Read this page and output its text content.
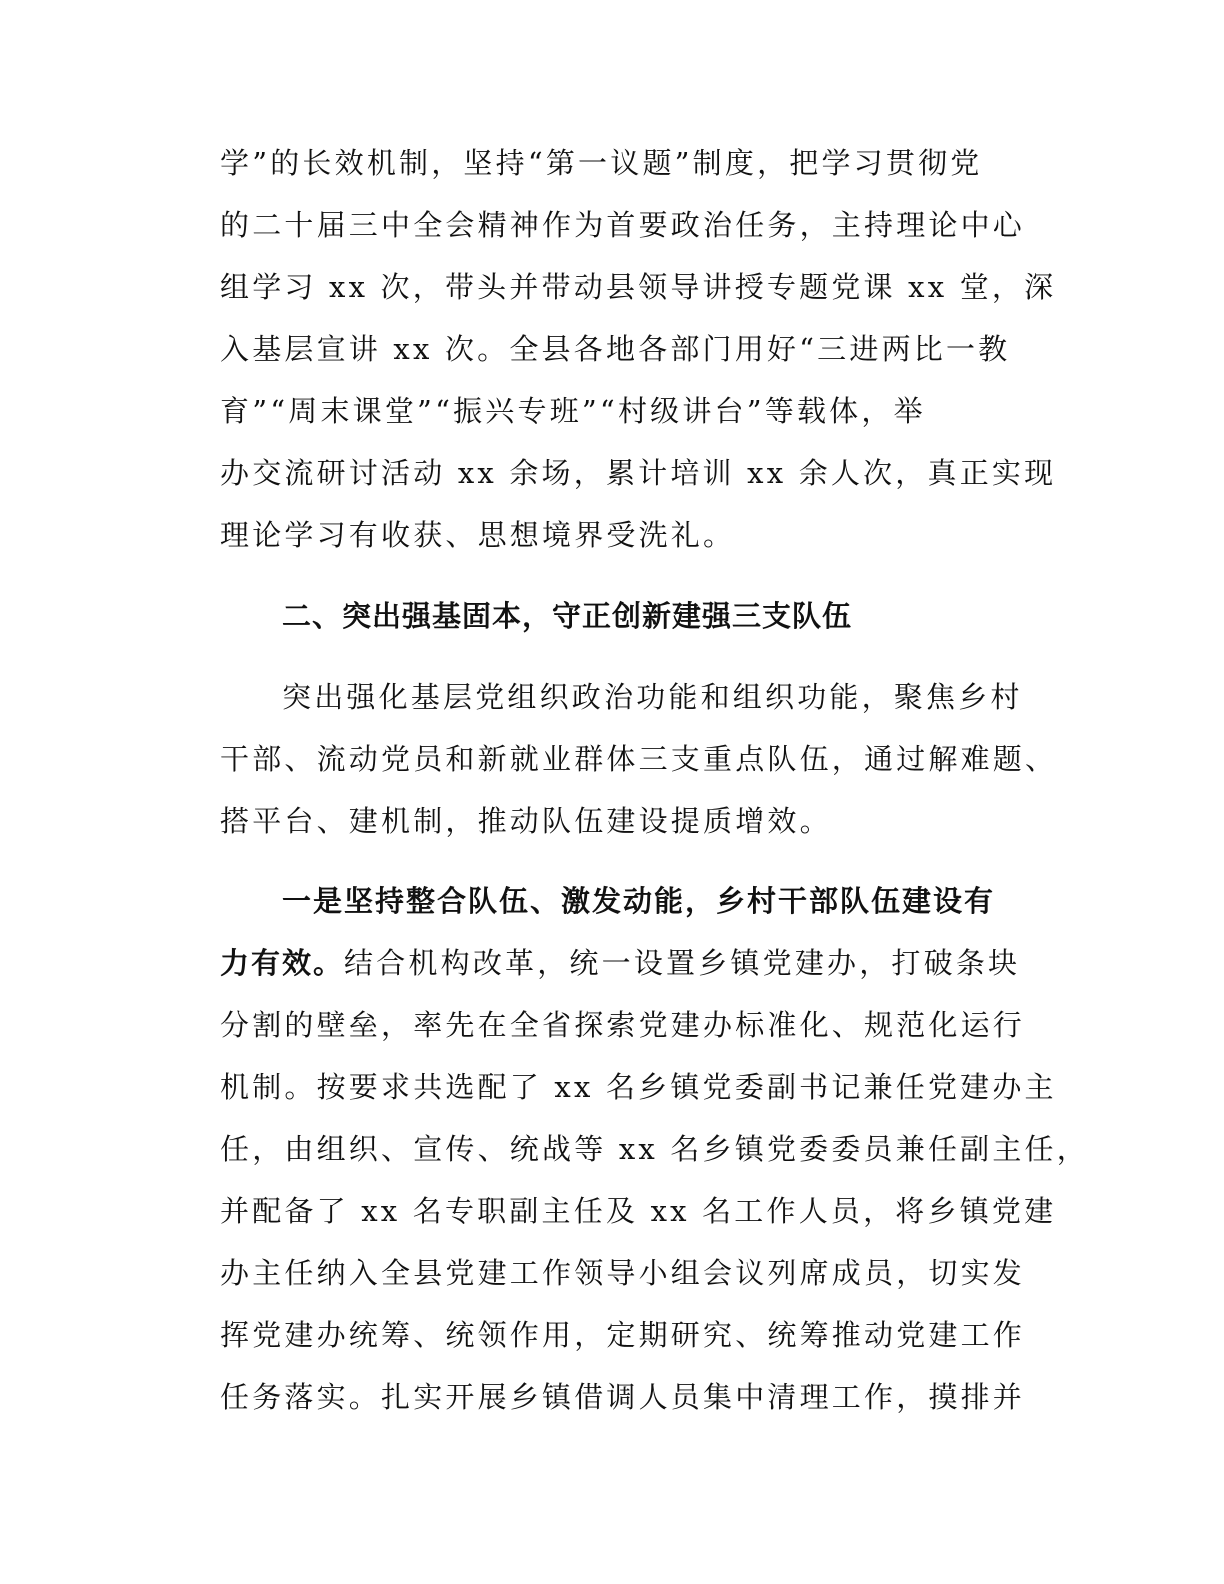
学”的长效机制，坚持“第一议题”制度，把学习贯彻党
的二十届三中全会精神作为首要政治任务，主持理论中心
组学习 xx 次，带头并带动县领导讲授专题党课 xx 堂，深
入基层宣讲 xx 次。全县各地各部门用好“三进两比一教
育”“周末课堂”“振兴专班”“村级讲台”等载体，举
办交流研讨活动 xx 余场，累计培训 xx 余人次，真正实现
理论学习有收获、思想境界受洗礼。
二、突出强基固本，守正创新建强三支队伍
突出强化基层党组织政治功能和组织功能，聚焦乡村
干部、流动党员和新就业群体三支重点队伍，通过解难题、
搭平台、建机制，推动队伍建设提质增效。
一是坚持整合队伍、激发动能，乡村干部队伍建设有
力有效。结合机构改革，统一设置乡镇党建办，打破条块
分割的壁垒，率先在全省探索党建办标准化、规范化运行
机制。按要求共选配了 xx 名乡镇党委副书记兼任党建办主
任，由组织、宣传、统战等 xx 名乡镇党委委员兼任副主任，
并配备了 xx 名专职副主任及 xx 名工作人员，将乡镇党建
办主任纳入全县党建工作领导小组会议列席成员，切实发
挥党建办统筹、统领作用，定期研究、统筹推动党建工作
任务落实。扎实开展乡镇借调人员集中清理工作，摸排并
